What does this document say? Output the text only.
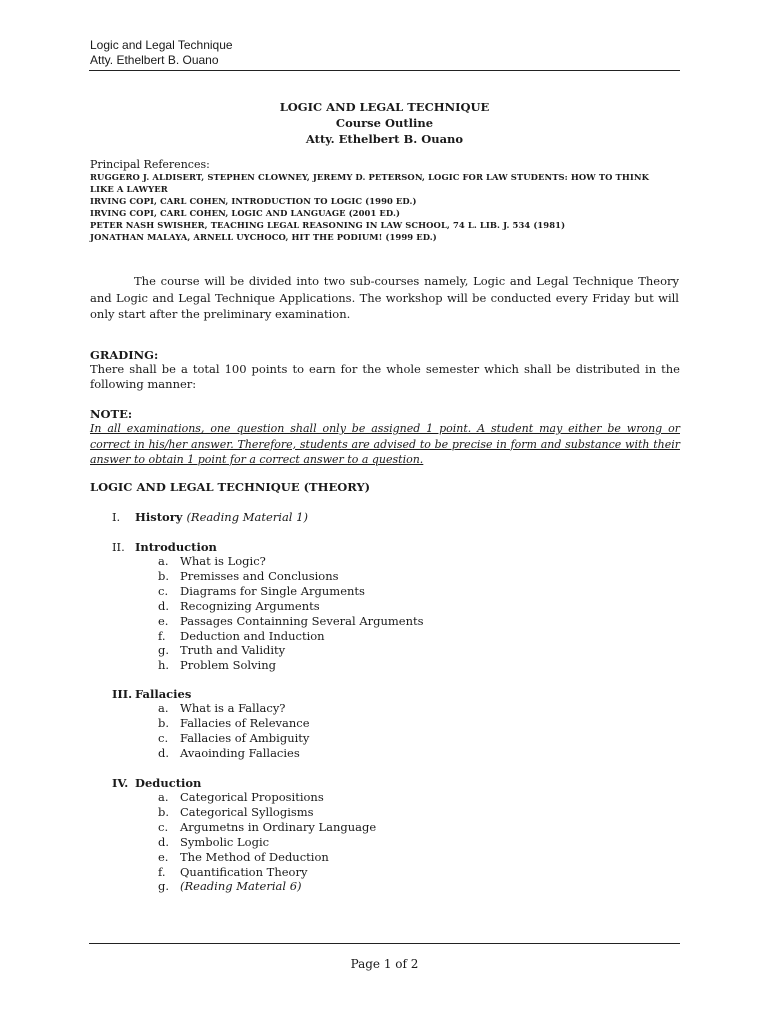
Logic and Legal Technique
Atty. Ethelbert B. Ouano
LOGIC AND LEGAL TECHNIQUE
Course Outline
Atty. Ethelbert B. Ouano
Principal References:
RUGGERO J. ALDISERT, STEPHEN CLOWNEY, JEREMY D. PETERSON, LOGIC FOR LAW STUDENTS: HOW TO THINK
LIKE A LAWYER
IRVING COPI, CARL COHEN, INTRODUCTION TO LOGIC (1990 ED.)
IRVING COPI, CARL COHEN, LOGIC AND LANGUAGE (2001 ED.)
PETER NASH SWISHER, TEACHING LEGAL REASONING IN LAW SCHOOL, 74 L. LIB. J. 534 (1981)
JONATHAN MALAYA, ARNELL UYCHOCO, HIT THE PODIUM! (1999 ED.)

The course will be divided into two sub-courses namely, Logic and Legal Technique Theory and Logic and Legal Technique Applications. The workshop will be conducted every Friday but will only start after the preliminary examination.

GRADING:

There shall be a total 100 points to earn for the whole semester which shall be distributed in the following manner:

NOTE:

In all examinations, one question shall only be assigned 1 point. A student may either be wrong or correct in his/her answer. Therefore, students are advised to be precise in form and substance with their answer to obtain 1 point for a correct answer to a question.

LOGIC AND LEGAL TECHNIQUE (THEORY)
I. History (Reading Material 1)
II. Introduction
a. What is Logic?
b. Premisses and Conclusions
c. Diagrams for Single Arguments
d. Recognizing Arguments
e. Passages Containning Several Arguments
f. Deduction and Induction
g. Truth and Validity
h. Problem Solving
III. Fallacies
a. What is a Fallacy?
b. Fallacies of Relevance
c. Fallacies of Ambiguity
d. Avaoinding Fallacies
IV. Deduction
a. Categorical Propositions
b. Categorical Syllogisms
c. Argumetns in Ordinary Language
d. Symbolic Logic
e. The Method of Deduction
f. Quantification Theory
g. (Reading Material 6)
Page 1 of 2
